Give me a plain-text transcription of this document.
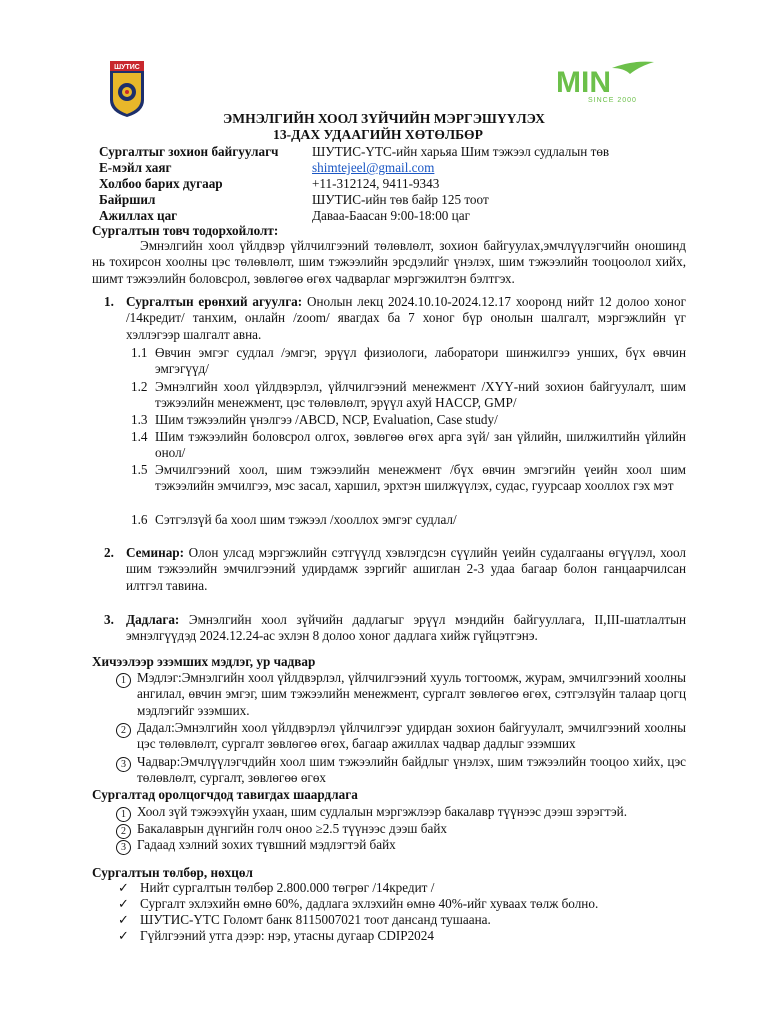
ШУТИС	MIN
SINCE 2000
ЭМНЭЛГИЙН ХООЛ ЗҮЙЧИЙН МЭРГЭШҮҮЛЭХ
13-ДАХ УДААГИЙН ХӨТӨЛБӨР
Сургалтыг зохион байгуулагч	ШУТИС-ҮТС-ийн харьяа Шим тэжээл судлалын төв
Е-мэйл хаяг	shimtejeel@gmail.com
Холбоо барих дугаар	+11-312124, 9411-9343
Байршил	ШУТИС-ийн төв байр 125 тоот
Ажиллах цаг	Даваа-Баасан 9:00-18:00 цаг
Сургалтын товч тодорхойлолт:
Эмнэлгийн хоол үйлдвэр үйлчилгээний төлөвлөлт, зохион байгуулах,эмчлүүлэгчийн оношинд нь тохирсон хоолны цэс төлөвлөлт, шим тэжээлийн эрсдэлийг үнэлэх, шим тэжээлийн тооцоолол хийх, шимт тэжээлийн боловсрол, зөвлөгөө өгөх чадварлаг мэргэжилтэн бэлтгэх.
1. Сургалтын ерөнхий агуулга: Онолын лекц 2024.10.10-2024.12.17 хооронд нийт 12 долоо хоног /14кредит/ танхим, онлайн /zoom/ явагдах ба 7 хоног бүр онолын шалгалт, мэргэжлийн үг хэллэгээр шалгалт авна.
1.1 Өвчин эмгэг судлал /эмгэг, эрүүл физиологи, лаборатори шинжилгээ унших, бүх өвчин эмгэгүүд/
1.2 Эмнэлгийн хоол үйлдвэрлэл, үйлчилгээний менежмент /ХҮҮ-ний зохион байгуулалт, шим тэжээлийн менежмент, цэс төлөвлөлт, эрүүл ахуй HACCP, GMP/
1.3 Шим тэжээлийн үнэлгээ /ABCD, NCP, Evaluation, Case study/
1.4 Шим тэжээлийн боловсрол олгох, зөвлөгөө өгөх арга зүй/ зан үйлийн, шилжилтийн үйлийн онол/
1.5 Эмчилгээний хоол, шим тэжээлийн менежмент /бүх өвчин эмгэгийн үеийн хоол шим тэжээлийн эмчилгээ, мэс засал, харшил, эрхтэн шилжүүлэх, судас, гуурсаар хооллох гэх мэт
1.6 Сэтгэлзүй ба хоол шим тэжээл /хооллох эмгэг судлал/
2. Семинар: Олон улсад мэргэжлийн сэтгүүлд хэвлэгдсэн сүүлийн үеийн судалгааны өгүүлэл, хоол шим тэжээлийн эмчилгээний удирдамж зэргийг ашиглан 2-3 удаа багаар болон ганцаарчилсан илтгэл тавина.
3. Дадлага: Эмнэлгийн хоол зүйчийн дадлагыг эрүүл мэндийн байгууллага, II,III-шатлалтын эмнэлгүүдэд 2024.12.24-ас эхлэн 8 долоо хоног дадлага хийж гүйцэтгэнэ.
Хичээлээр эзэмших мэдлэг, ур чадвар
1 Мэдлэг:Эмнэлгийн хоол үйлдвэрлэл, үйлчилгээний хууль тогтоомж, журам, эмчилгээний хоолны ангилал, өвчин эмгэг, шим тэжээлийн менежмент, сургалт зөвлөгөө өгөх, сэтгэлзүйн талаар цогц мэдлэгийг эзэмших.
2 Дадал:Эмнэлгийн хоол үйлдвэрлэл үйлчилгээг удирдан зохион байгуулалт, эмчилгээний хоолны цэс төлөвлөлт, сургалт зөвлөгөө өгөх, багаар ажиллах чадвар дадлыг эзэмших
3 Чадвар:Эмчлүүлэгчдийн хоол шим тэжээлийн байдлыг үнэлэх, шим тэжээлийн тооцоо хийх, цэс төлөвлөлт, сургалт, зөвлөгөө өгөх
Сургалтад оролцогчдод тавигдах шаардлага
1 Хоол зүй тэжээхүйн ухаан, шим судлалын мэргэжлээр бакалавр түүнээс дээш зэрэгтэй.
2 Бакалаврын дүнгийн голч оноо ≥2.5 түүнээс дээш байх
3 Гадаад хэлний зохих түвшний мэдлэгтэй байх
Сургалтын төлбөр, нөхцөл
✓ Нийт сургалтын төлбөр 2.800.000 төгрөг /14кредит /
✓ Сургалт эхлэхийн өмнө 60%, дадлага эхлэхийн өмнө 40%-ийг хуваах төлж болно.
✓ ШУТИС-ҮТС Голомт банк 8115007021 тоот дансанд тушаана.
✓ Гүйлгээний утга дээр: нэр, утасны дугаар CDIP2024
